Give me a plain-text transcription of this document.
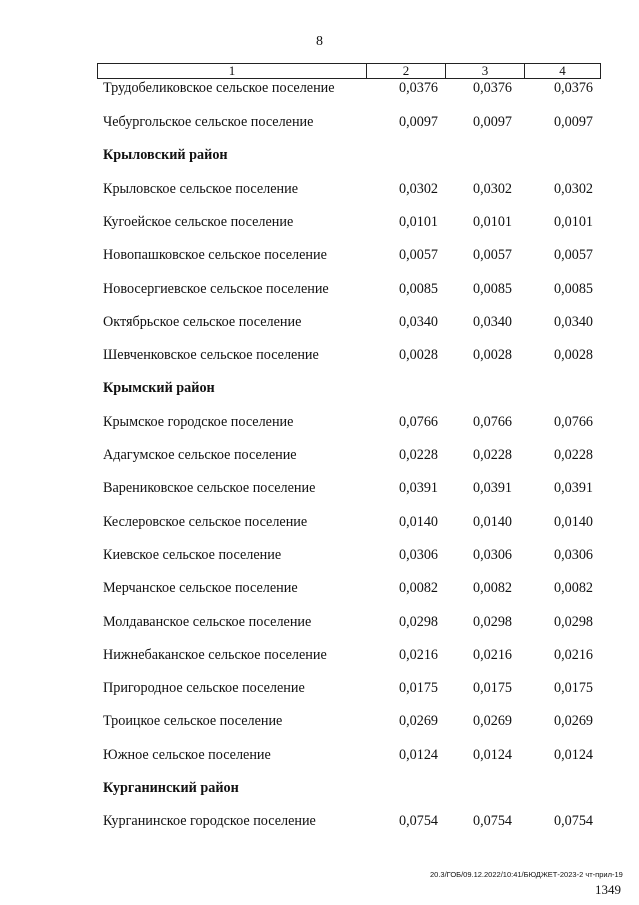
8
1	2	3	4
Трудобеликовское сельское поселение	0,0376 0,0376	0,0376
Чебургольское сельское поселение	0,0097 0,0097	0,0097
Крыловский район
Крыловское сельское поселение	0,0302 0,0302	0,0302
Кугоейское сельское поселение	0,0101 0,0101	0,0101
Новопашковское сельское поселение	0,0057 0,0057	0,0057
Новосергиевское сельское поселение	0,0085 0,0085	0,0085
Октябрьское сельское поселение	0,0340 0,0340	0,0340
Шевченковское сельское поселение	0,0028 0,0028	0,0028
Крымский район
Крымское городское поселение	0,0766 0,0766	0,0766
Адагумское сельское поселение	0,0228 0,0228	0,0228
Варениковское сельское поселение	0,0391 0,0391	0,0391
Кеслеровское сельское поселение	0,0140 0,0140	0,0140
Киевское сельское поселение	0,0306 0,0306	0,0306
Мерчанское сельское поселение	0,0082 0,0082	0,0082
Молдаванское сельское поселение	0,0298 0,0298	0,0298
Нижнебаканское сельское поселение	0,0216 0,0216	0,0216
Пригородное сельское поселение	0,0175 0,0175	0,0175
Троицкое сельское поселение	0,0269 0,0269	0,0269
Южное сельское поселение	0,0124 0,0124	0,0124
Курганинский район
Курганинское городское поселение	0,0754 0,0754	0,0754
20.3/ГОБ/09.12.2022/10:41/БЮДЖЕТ-2023-2 чт-прил-19
1349
